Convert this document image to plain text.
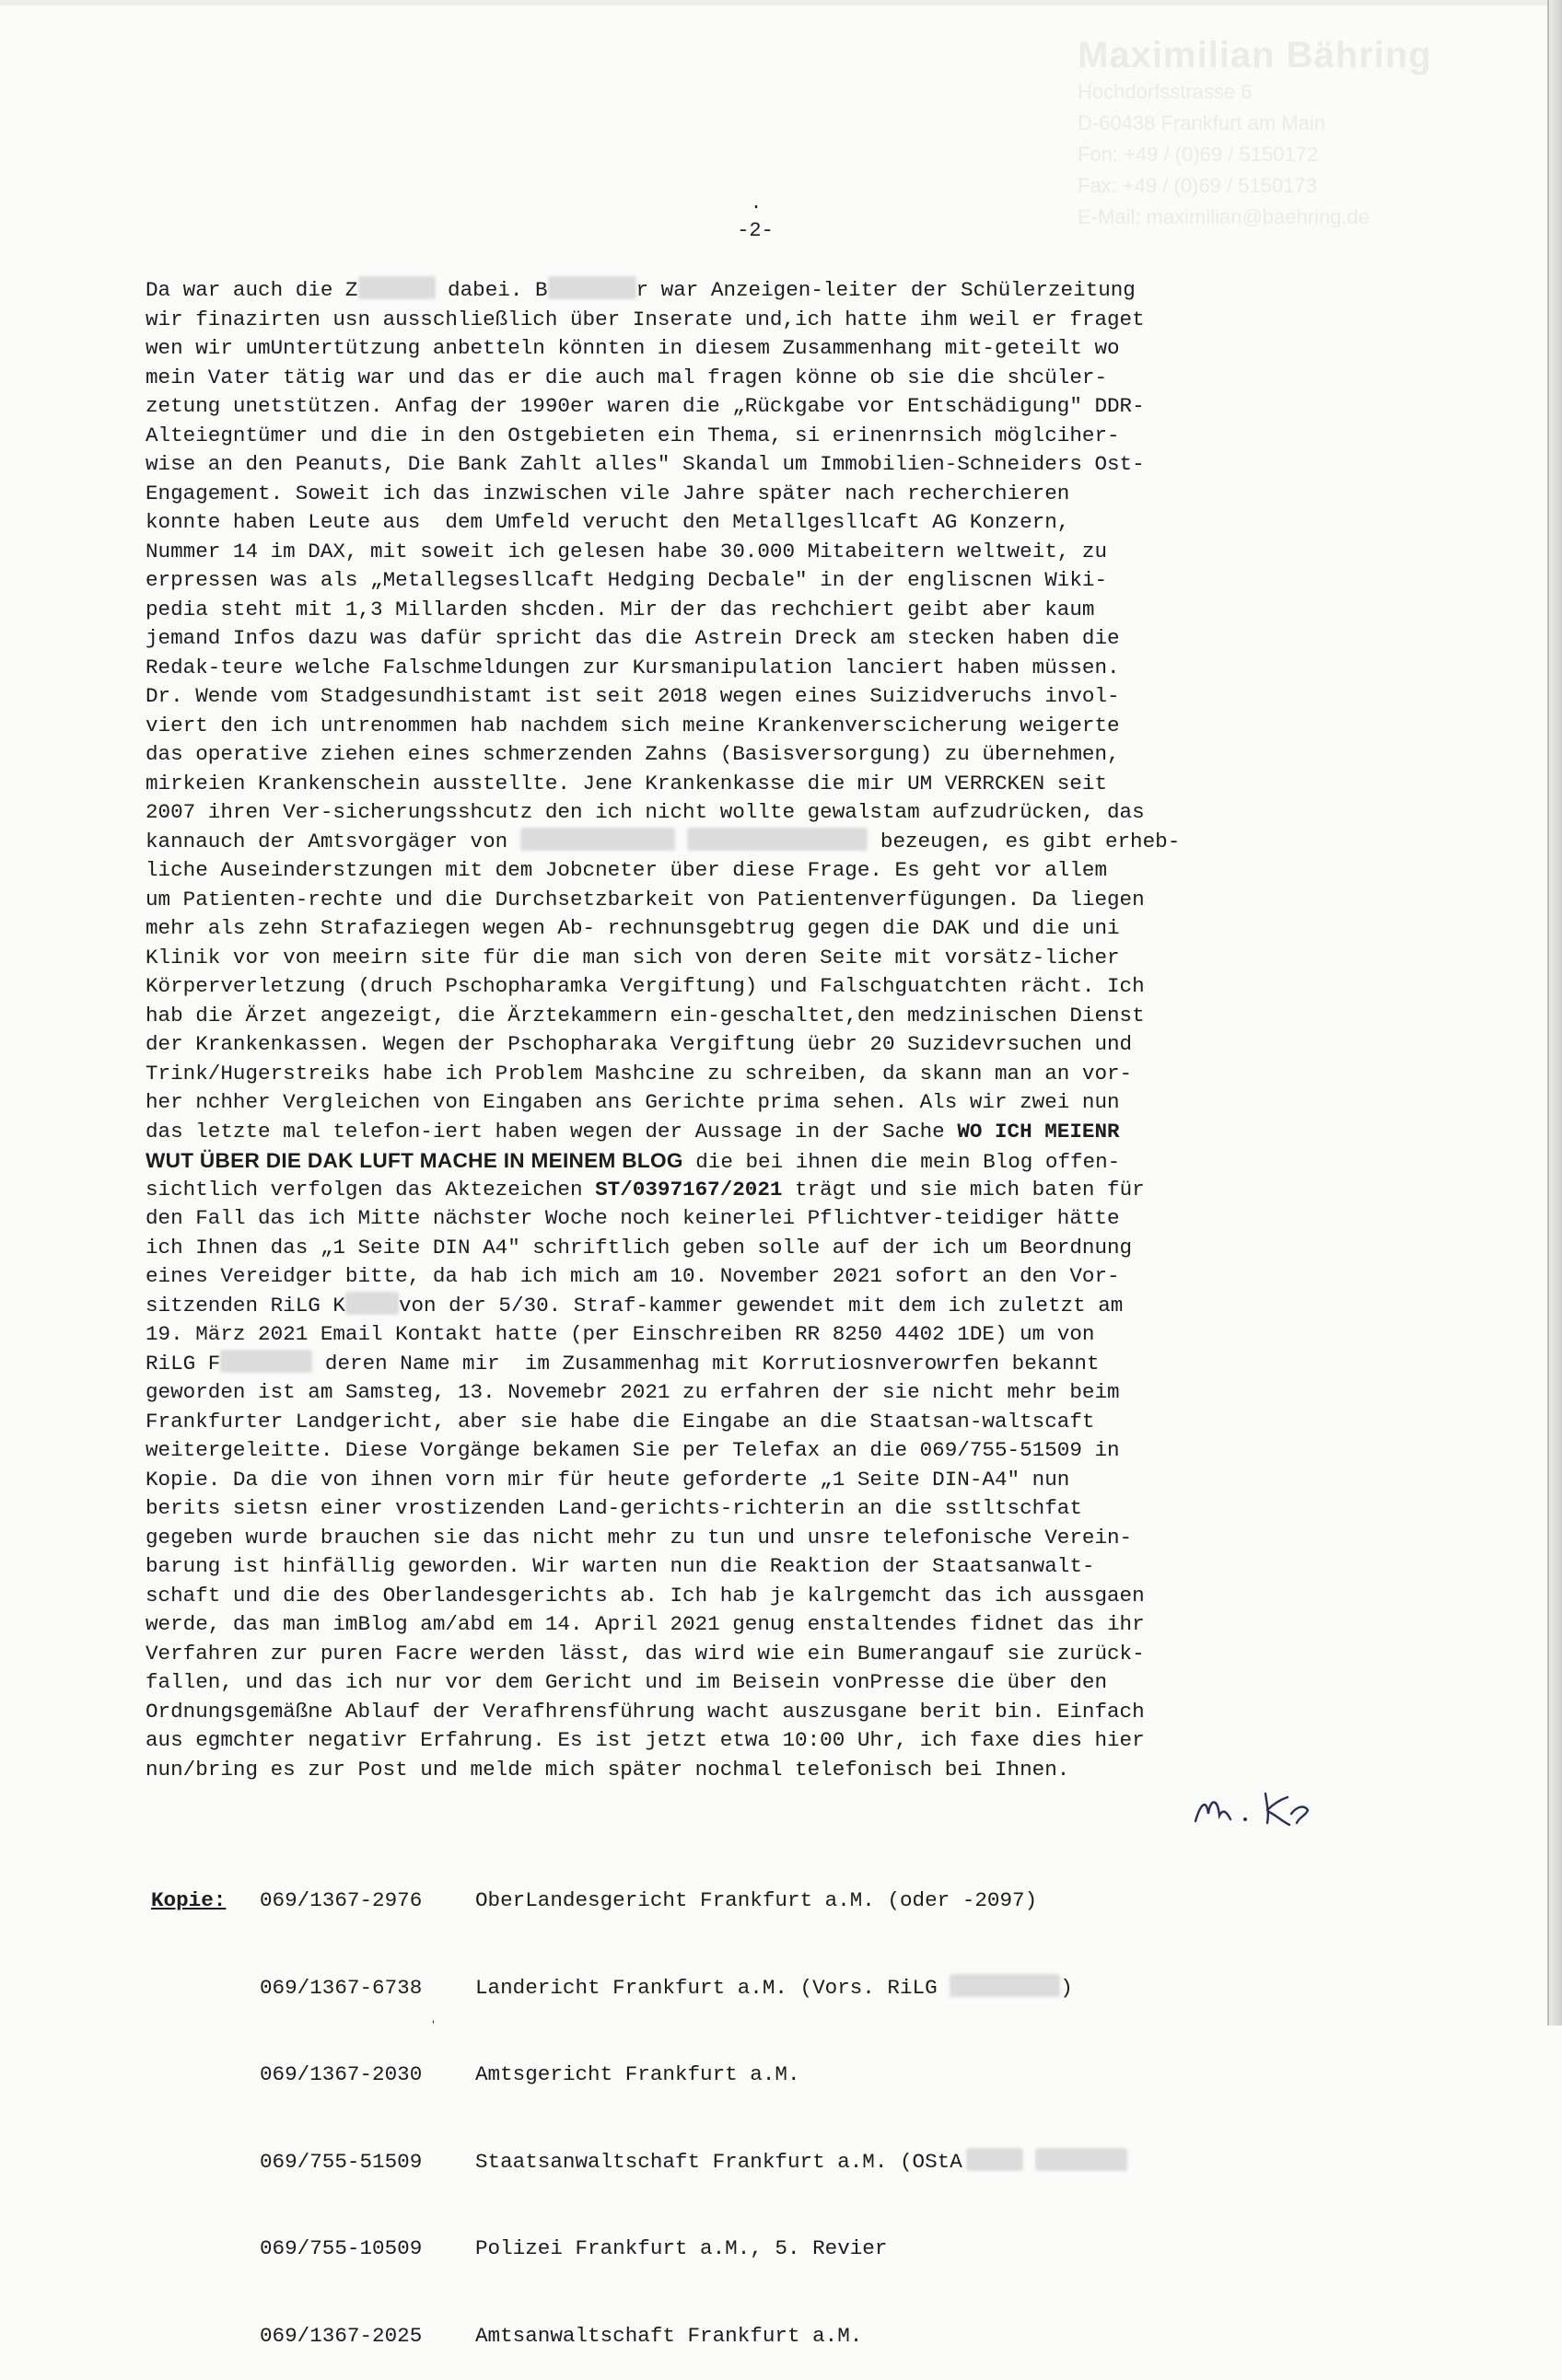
Maximilian Bähring
Hochdorfsstrasse 6
D-60438 Frankfurt am Main
Fon: +49 / (0)69 / 5150172
Fax: +49 / (0)69 / 5150173
E-Mail: maximilian@baehring.de
.
-2-
Da war auch die Z	dabei. B	r war Anzeigen-leiter der Schülerzeitung
wir finazirten usn ausschließlich über Inserate und,ich hatte ihm weil er fraget
wen wir umUntertützung anbetteln könnten in diesem Zusammenhang mit-geteilt wo
mein Vater tätig war und das er die auch mal fragen könne ob sie die shcüler-
zetung unetstützen. Anfag der 1990er waren die „Rückgabe vor Entschädigung" DDR-
Alteiegntümer und die in den Ostgebieten ein Thema, si erinenrnsich möglciher-
wise an den Peanuts, Die Bank Zahlt alles" Skandal um Immobilien-Schneiders Ost-
Engagement. Soweit ich das inzwischen vile Jahre später nach recherchieren
konnte haben Leute aus  dem Umfeld verucht den Metallgesllcaft AG Konzern,
Nummer 14 im DAX, mit soweit ich gelesen habe 30.000 Mitabeitern weltweit, zu
erpressen was als „Metallegsesllcaft Hedging Decbale" in der engliscnen Wiki-
pedia steht mit 1,3 Millarden shcden. Mir der das rechchiert geibt aber kaum
jemand Infos dazu was dafür spricht das die Astrein Dreck am stecken haben die
Redak-teure welche Falschmeldungen zur Kursmanipulation lanciert haben müssen.
Dr. Wende vom Stadgesundhistamt ist seit 2018 wegen eines Suizidveruchs invol-
viert den ich untrenommen hab nachdem sich meine Krankenverscicherung weigerte
das operative ziehen eines schmerzenden Zahns (Basisversorgung) zu übernehmen,
mirkeien Krankenschein ausstellte. Jene Krankenkasse die mir UM VERRCKEN seit
2007 ihren Ver-sicherungsshcutz den ich nicht wollte gewalstam aufzudrücken, das
kannauch der Amtsvorgäger von	bezeugen, es gibt erheb-
liche Auseinderstzungen mit dem Jobcneter über diese Frage. Es geht vor allem
um Patienten-rechte und die Durchsetzbarkeit von Patientenverfügungen. Da liegen
mehr als zehn Strafaziegen wegen Ab- rechnunsgebtrug gegen die DAK und die uni
Klinik vor von meeirn site für die man sich von deren Seite mit vorsätz-licher
Körperverletzung (druch Pschopharamka Vergiftung) und Falschguatchten rächt. Ich
hab die Ärzet angezeigt, die Ärztekammern ein-geschaltet,den medzinischen Dienst
der Krankenkassen. Wegen der Pschopharaka Vergiftung üebr 20 Suzidevrsuchen und
Trink/Hugerstreiks habe ich Problem Mashcine zu schreiben, da skann man an vor-
her nchher Vergleichen von Eingaben ans Gerichte prima sehen. Als wir zwei nun
das letzte mal telefon-iert haben wegen der Aussage in der Sache WO ICH MEIENR
WUT ÜBER DIE DAK LUFT MACHE IN MEINEM BLOG die bei ihnen die mein Blog offen-
sichtlich verfolgen das Aktezeichen ST/0397167/2021 trägt und sie mich baten für
den Fall das ich Mitte nächster Woche noch keinerlei Pflichtver-teidiger hätte
ich Ihnen das „1 Seite DIN A4" schriftlich geben solle auf der ich um Beordnung
eines Vereidger bitte, da hab ich mich am 10. November 2021 sofort an den Vor-
sitzenden RiLG K	von der 5/30. Straf-kammer gewendet mit dem ich zuletzt am
19. März 2021 Email Kontakt hatte (per Einschreiben RR 8250 4402 1DE) um von
RiLG F	deren Name mir  im Zusammenhag mit Korrutiosnverowrfen bekannt
geworden ist am Samsteg, 13. Novemebr 2021 zu erfahren der sie nicht mehr beim
Frankfurter Landgericht, aber sie habe die Eingabe an die Staatsan-waltscaft
weitergeleitte. Diese Vorgänge bekamen Sie per Telefax an die 069/755-51509 in
Kopie. Da die von ihnen vorn mir für heute geforderte „1 Seite DIN-A4" nun
berits sietsn einer vrostizenden Land-gerichts-richterin an die sstltschfat
gegeben wurde brauchen sie das nicht mehr zu tun und unsre telefonische Verein-
barung ist hinfällig geworden. Wir warten nun die Reaktion der Staatsanwalt-
schaft und die des Oberlandesgerichts ab. Ich hab je kalrgemcht das ich aussgaen
werde, das man imBlog am/abd em 14. April 2021 genug enstaltendes fidnet das ihr
Verfahren zur puren Facre werden lässt, das wird wie ein Bumerangauf sie zurück-
fallen, und das ich nur vor dem Gericht und im Beisein vonPresse die über den
Ordnungsgemäßne Ablauf der Verafhrensführung wacht auszusgane berit bin. Einfach
aus egmchter negativr Erfahrung. Es ist jetzt etwa 10:00 Uhr, ich faxe dies hier
nun/bring es zur Post und melde mich später nochmal telefonisch bei Ihnen.

Kopie: 069/1367-2976	OberLandesgericht Frankfurt a.M. (oder -2097)

069/1367-6738	Landericht Frankfurt a.M. (Vors. RiLG	)

069/1367-2030	Amtsgericht Frankfurt a.M.

069/755-51509	Staatsanwaltschaft Frankfurt a.M. (OStA

069/755-10509	Polizei Frankfurt a.M., 5. Revier

069/1367-2025	Amtsanwaltschaft Frankfurt a.M.

ˌ
